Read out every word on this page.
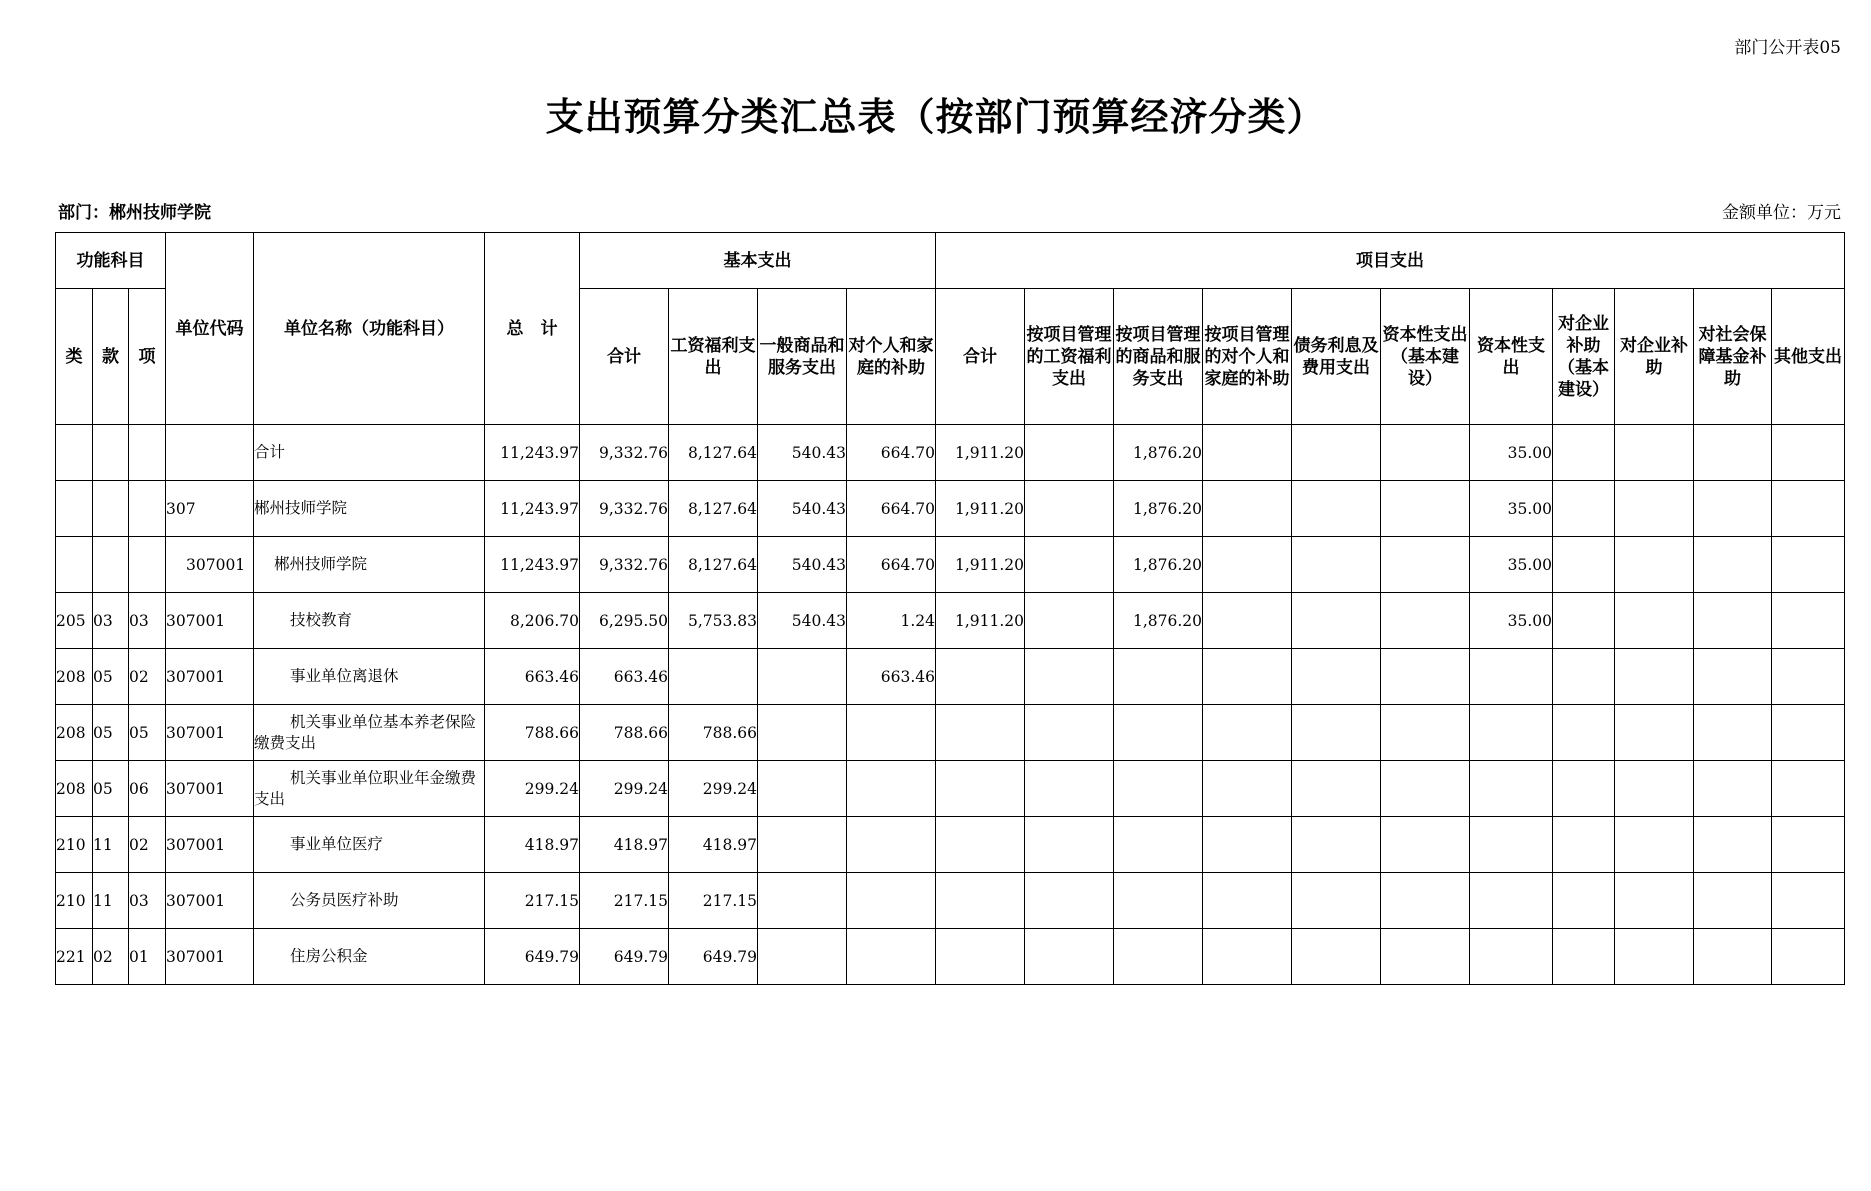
部门公开表05
支出预算分类汇总表（按部门预算经济分类）
部门：郴州技师学院	金额单位：万元
功能科目			单位代码	单位名称（功能科目）	总　计	基本支出				项目支出										
类	款	项				合计	工资福利支出	一般商品和服务支出	对个人和家庭的补助	合计	按项目管理的工资福利支出	按项目管理的商品和服务支出	按项目管理的对个人和家庭的补助	债务利息及费用支出	资本性支出（基本建设）	资本性支出	对企业补助（基本建设）	对企业补助	对社会保障基金补助	其他支出
				合计	11,243.97	9,332.76	8,127.64	540.43	664.70	1,911.20		1,876.20				35.00				
			307	郴州技师学院	11,243.97	9,332.76	8,127.64	540.43	664.70	1,911.20		1,876.20				35.00				
			307001	郴州技师学院	11,243.97	9,332.76	8,127.64	540.43	664.70	1,911.20		1,876.20				35.00				
205	03	03	307001	技校教育	8,206.70	6,295.50	5,753.83	540.43	1.24	1,911.20		1,876.20				35.00				
208	05	02	307001	事业单位离退休	663.46	663.46			663.46											
208	05	05	307001	机关事业单位基本养老保险缴费支出	788.66	788.66	788.66													
208	05	06	307001	机关事业单位职业年金缴费支出	299.24	299.24	299.24													
210	11	02	307001	事业单位医疗	418.97	418.97	418.97													
210	11	03	307001	公务员医疗补助	217.15	217.15	217.15													
221	02	01	307001	住房公积金	649.79	649.79	649.79													
